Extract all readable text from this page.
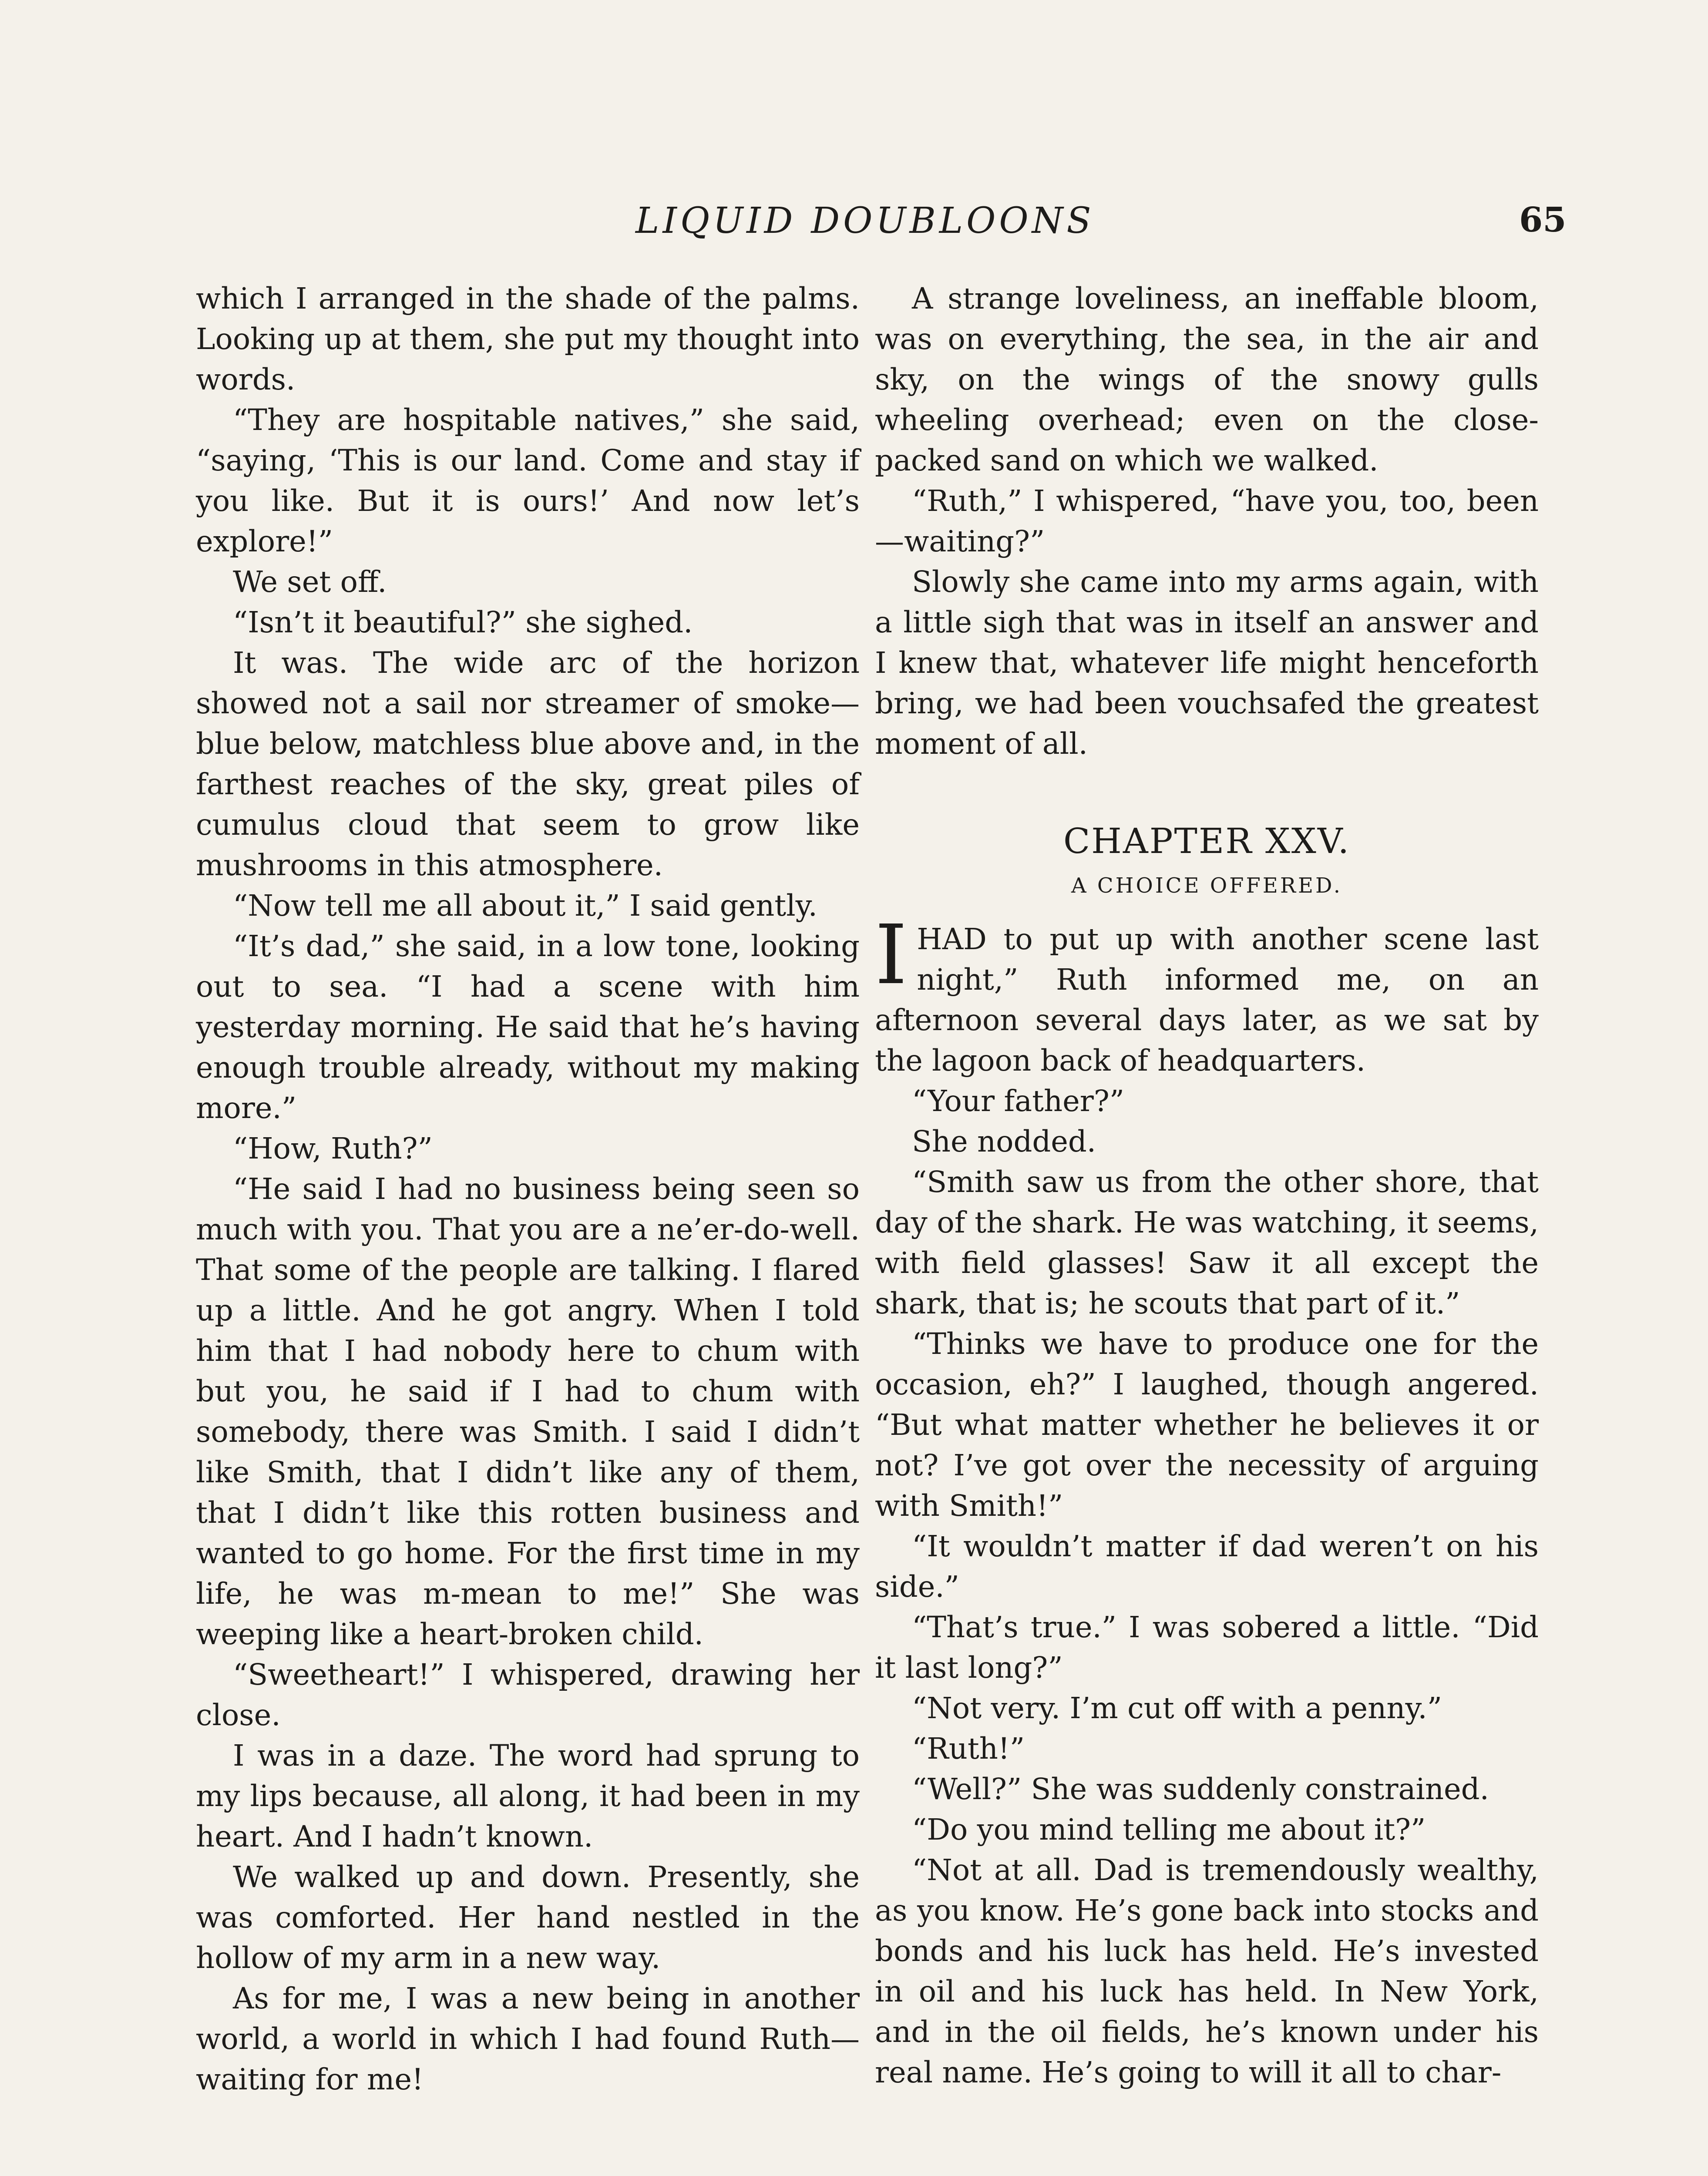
LIQUID DOUBLOONS	65

which I arranged in the shade of the palms. Looking up at them, she put my thought into words.

“They are hospitable natives,” she said, “saying, ‘This is our land. Come and stay if you like. But it is ours!’ And now let’s explore!”

We set off.

“Isn’t it beautiful?” she sighed.

It was. The wide arc of the horizon showed not a sail nor streamer of smoke—blue below, matchless blue above and, in the farthest reaches of the sky, great piles of cumulus cloud that seem to grow like mushrooms in this atmosphere.

“Now tell me all about it,” I said gently.

“It’s dad,” she said, in a low tone, looking out to sea. “I had a scene with him yesterday morning. He said that he’s having enough trouble already, without my making more.”

“How, Ruth?”

“He said I had no business being seen so much with you. That you are a ne’er-do-well. That some of the people are talking. I flared up a little. And he got angry. When I told him that I had nobody here to chum with but you, he said if I had to chum with somebody, there was Smith. I said I didn’t like Smith, that I didn’t like any of them, that I didn’t like this rotten business and wanted to go home. For the first time in my life, he was m-mean to me!” She was weeping like a heart-broken child.

“Sweetheart!” I whispered, drawing her close.

I was in a daze. The word had sprung to my lips because, all along, it had been in my heart. And I hadn’t known.

We walked up and down. Presently, she was comforted. Her hand nestled in the hollow of my arm in a new way.

As for me, I was a new being in another world, a world in which I had found Ruth—waiting for me!

A strange loveliness, an ineffable bloom, was on everything, the sea, in the air and sky, on the wings of the snowy gulls wheeling overhead; even on the close-packed sand on which we walked.

“Ruth,” I whispered, “have you, too, been—waiting?”

Slowly she came into my arms again, with a little sigh that was in itself an answer and I knew that, whatever life might henceforth bring, we had been vouchsafed the greatest moment of all.

CHAPTER XXV.
A CHOICE OFFERED.

IHAD to put up with another scene last night,” Ruth informed me, on an afternoon several days later, as we sat by the lagoon back of headquarters.

“Your father?”

She nodded.

“Smith saw us from the other shore, that day of the shark. He was watching, it seems, with field glasses! Saw it all except the shark, that is; he scouts that part of it.”

“Thinks we have to produce one for the occasion, eh?” I laughed, though angered. “But what matter whether he believes it or not? I’ve got over the necessity of arguing with Smith!”

“It wouldn’t matter if dad weren’t on his side.”

“That’s true.” I was sobered a little. “Did it last long?”

“Not very. I’m cut off with a penny.”

“Ruth!”

“Well?” She was suddenly constrained.

“Do you mind telling me about it?”

“Not at all. Dad is tremendously wealthy, as you know. He’s gone back into stocks and bonds and his luck has held. He’s invested in oil and his luck has held. In New York, and in the oil fields, he’s known under his real name. He’s going to will it all to char-
